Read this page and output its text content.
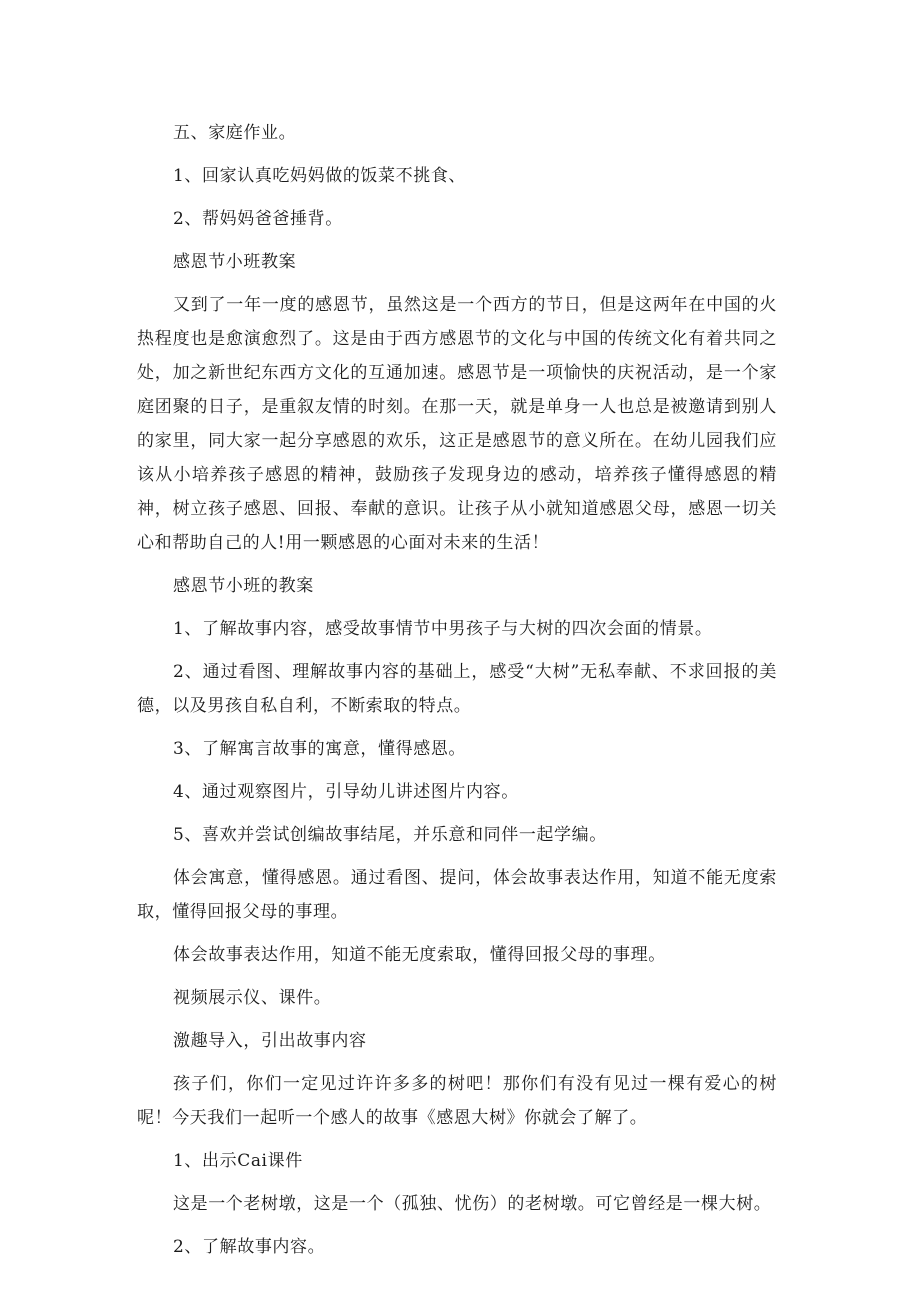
五、家庭作业。

1、回家认真吃妈妈做的饭菜不挑食、

2、帮妈妈爸爸捶背。

感恩节小班教案

又到了一年一度的感恩节，虽然这是一个西方的节日，但是这两年在中国的火热程度也是愈演愈烈了。这是由于西方感恩节的文化与中国的传统文化有着共同之处，加之新世纪东西方文化的互通加速。感恩节是一项愉快的庆祝活动，是一个家庭团聚的日子，是重叙友情的时刻。在那一天，就是单身一人也总是被邀请到别人的家里，同大家一起分享感恩的欢乐，这正是感恩节的意义所在。在幼儿园我们应该从小培养孩子感恩的精神，鼓励孩子发现身边的感动，培养孩子懂得感恩的精神，树立孩子感恩、回报、奉献的意识。让孩子从小就知道感恩父母，感恩一切关心和帮助自己的人!用一颗感恩的心面对未来的生活！

感恩节小班的教案

1、了解故事内容，感受故事情节中男孩子与大树的四次会面的情景。

2、通过看图、理解故事内容的基础上，感受“大树”无私奉献、不求回报的美德，以及男孩自私自利，不断索取的特点。

3、了解寓言故事的寓意，懂得感恩。

4、通过观察图片，引导幼儿讲述图片内容。

5、喜欢并尝试创编故事结尾，并乐意和同伴一起学编。

体会寓意，懂得感恩。通过看图、提问，体会故事表达作用，知道不能无度索取，懂得回报父母的事理。

体会故事表达作用，知道不能无度索取，懂得回报父母的事理。

视频展示仪、课件。

激趣导入，引出故事内容

孩子们，你们一定见过许许多多的树吧！那你们有没有见过一棵有爱心的树呢！今天我们一起听一个感人的故事《感恩大树》你就会了解了。

1、出示Cai课件

这是一个老树墩，这是一个（孤独、忧伤）的老树墩。可它曾经是一棵大树。

2、了解故事内容。
